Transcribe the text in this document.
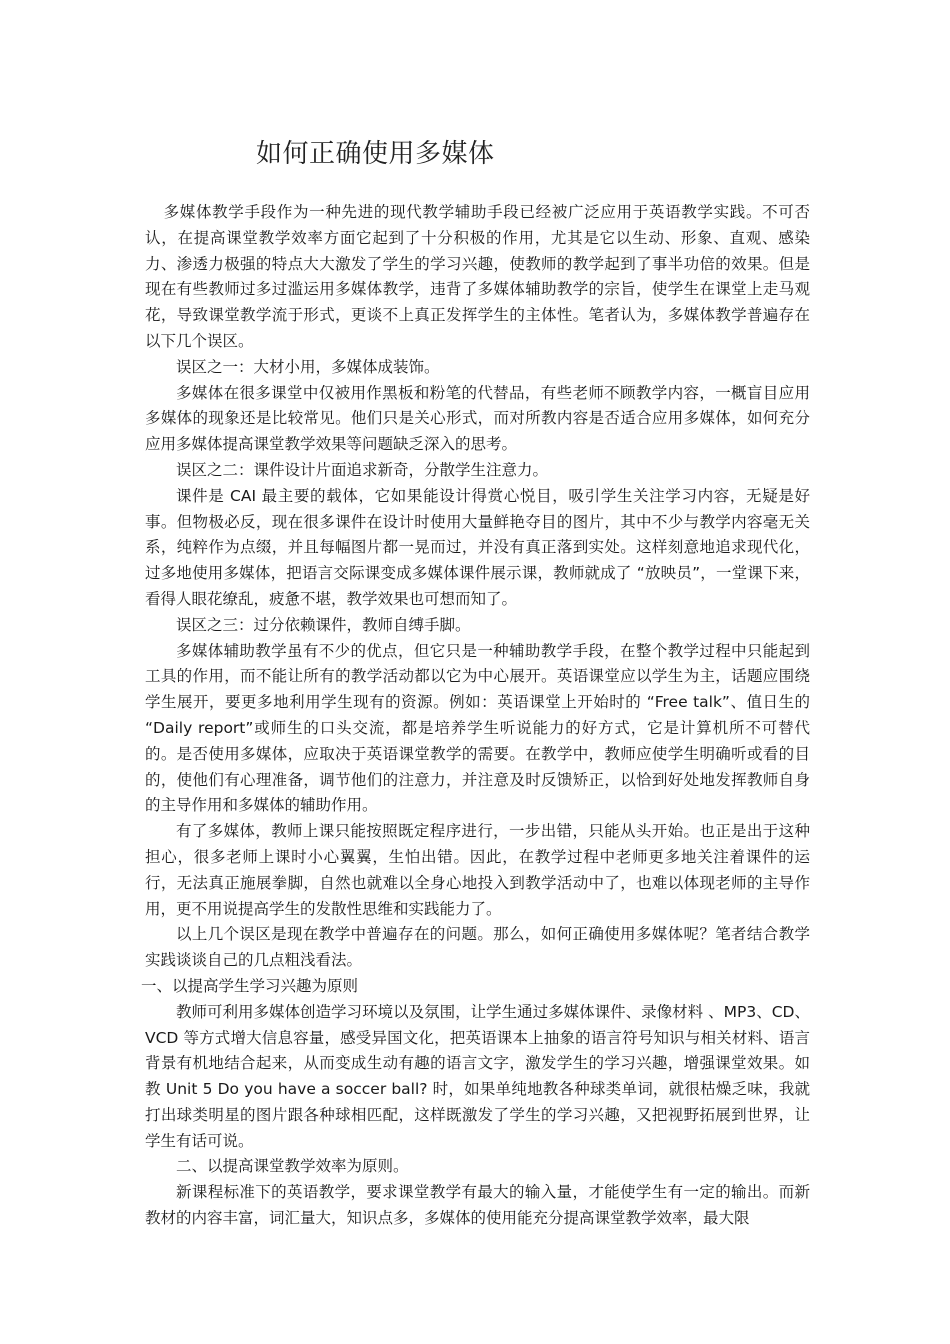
如何正确使用多媒体

多媒体教学手段作为一种先进的现代教学辅助手段已经被广泛应用于英语教学实践。不可否认，在提高课堂教学效率方面它起到了十分积极的作用，尤其是它以生动、形象、直观、感染力、渗透力极强的特点大大激发了学生的学习兴趣，使教师的教学起到了事半功倍的效果。但是现在有些教师过多过滥运用多媒体教学，违背了多媒体辅助教学的宗旨，使学生在课堂上走马观花，导致课堂教学流于形式，更谈不上真正发挥学生的主体性。笔者认为，多媒体教学普遍存在以下几个误区。

误区之一：大材小用，多媒体成装饰。

多媒体在很多课堂中仅被用作黑板和粉笔的代替品，有些老师不顾教学内容，一概盲目应用多媒体的现象还是比较常见。他们只是关心形式，而对所教内容是否适合应用多媒体，如何充分应用多媒体提高课堂教学效果等问题缺乏深入的思考。

误区之二：课件设计片面追求新奇，分散学生注意力。

课件是 CAI 最主要的载体，它如果能设计得赏心悦目，吸引学生关注学习内容，无疑是好事。但物极必反，现在很多课件在设计时使用大量鲜艳夺目的图片，其中不少与教学内容毫无关系，纯粹作为点缀，并且每幅图片都一晃而过，并没有真正落到实处。这样刻意地追求现代化，过多地使用多媒体，把语言交际课变成多媒体课件展示课，教师就成了 “放映员”，一堂课下来，看得人眼花缭乱，疲惫不堪，教学效果也可想而知了。

误区之三：过分依赖课件，教师自缚手脚。

多媒体辅助教学虽有不少的优点，但它只是一种辅助教学手段，在整个教学过程中只能起到工具的作用，而不能让所有的教学活动都以它为中心展开。英语课堂应以学生为主，话题应围绕学生展开，要更多地利用学生现有的资源。例如：英语课堂上开始时的 “Free talk”、值日生的 “Daily report”或师生的口头交流，都是培养学生听说能力的好方式，它是计算机所不可替代的。是否使用多媒体，应取决于英语课堂教学的需要。在教学中，教师应使学生明确听或看的目的，使他们有心理准备，调节他们的注意力，并注意及时反馈矫正，以恰到好处地发挥教师自身的主导作用和多媒体的辅助作用。

有了多媒体，教师上课只能按照既定程序进行，一步出错，只能从头开始。也正是出于这种担心，很多老师上课时小心翼翼，生怕出错。因此，在教学过程中老师更多地关注着课件的运行，无法真正施展拳脚，自然也就难以全身心地投入到教学活动中了，也难以体现老师的主导作用，更不用说提高学生的发散性思维和实践能力了。

以上几个误区是现在教学中普遍存在的问题。那么，如何正确使用多媒体呢？笔者结合教学实践谈谈自己的几点粗浅看法。

一、以提高学生学习兴趣为原则

教师可利用多媒体创造学习环境以及氛围，让学生通过多媒体课件、录像材料 、MP3、CD、VCD 等方式增大信息容量，感受异国文化，把英语课本上抽象的语言符号知识与相关材料、语言背景有机地结合起来，从而变成生动有趣的语言文字，激发学生的学习兴趣，增强课堂效果。如教 Unit 5 Do you have a soccer ball? 时，如果单纯地教各种球类单词，就很枯燥乏味，我就打出球类明星的图片跟各种球相匹配，这样既激发了学生的学习兴趣，又把视野拓展到世界，让学生有话可说。

二、以提高课堂教学效率为原则。

新课程标准下的英语教学，要求课堂教学有最大的输入量，才能使学生有一定的输出。而新教材的内容丰富，词汇量大，知识点多，多媒体的使用能充分提高课堂教学效率，最大限
